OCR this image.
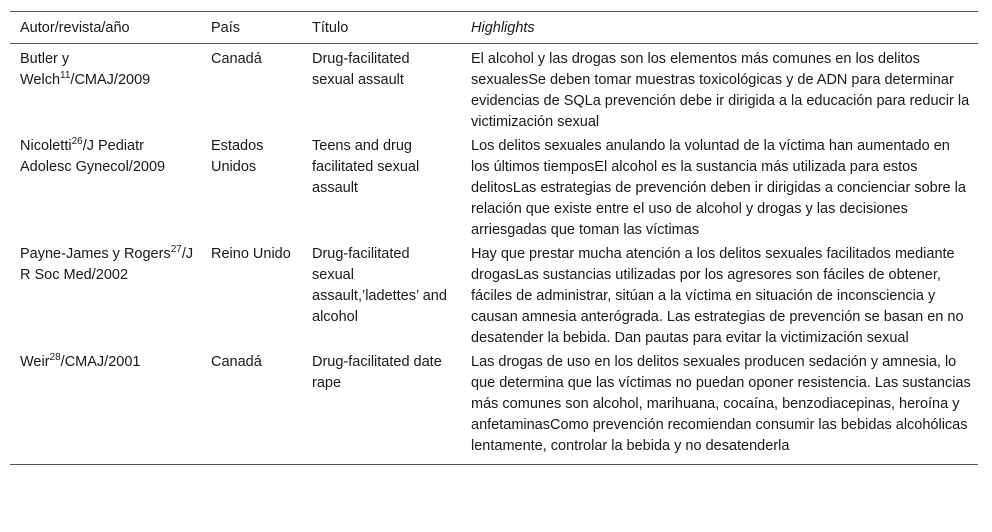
Autor/revista/año	País	Título	Highlights
Butler y Welch$^{11}$/CMAJ/2009	Canadá	Drug-facilitated sexual assault	El alcohol y las drogas son los elementos más comunes en los delitos sexualesSe deben tomar muestras toxicológicas y de ADN para determinar evidencias de SQLa prevención debe ir dirigida a la educación para reducir la victimización sexual
Nicoletti$^{26}$/J Pediatr Adolesc Gynecol/2009	Estados Unidos	Teens and drug facilitated sexual assault	Los delitos sexuales anulando la voluntad de la víctima han aumentado en los últimos tiemposEl alcohol es la sustancia más utilizada para estos delitosLas estrategias de prevención deben ir dirigidas a concienciar sobre la relación que existe entre el uso de alcohol y drogas y las decisiones arriesgadas que toman las víctimas
Payne-James y Rogers$^{27}$/J R Soc Med/2002	Reino Unido	Drug-facilitated sexual assault,’ladettes’ and alcohol	Hay que prestar mucha atención a los delitos sexuales facilitados mediante drogasLas sustancias utilizadas por los agresores son fáciles de obtener, fáciles de administrar, sitúan a la víctima en situación de inconsciencia y causan amnesia anterógrada. Las estrategias de prevención se basan en no desatender la bebida. Dan pautas para evitar la victimización sexual
Weir$^{28}$/CMAJ/2001	Canadá	Drug-facilitated date rape	Las drogas de uso en los delitos sexuales producen sedación y amnesia, lo que determina que las víctimas no puedan oponer resistencia. Las sustancias más comunes son alcohol, marihuana, cocaína, benzodiacepinas, heroína y anfetaminasComo prevención recomiendan consumir las bebidas alcohólicas lentamente, controlar la bebida y no desatenderla
